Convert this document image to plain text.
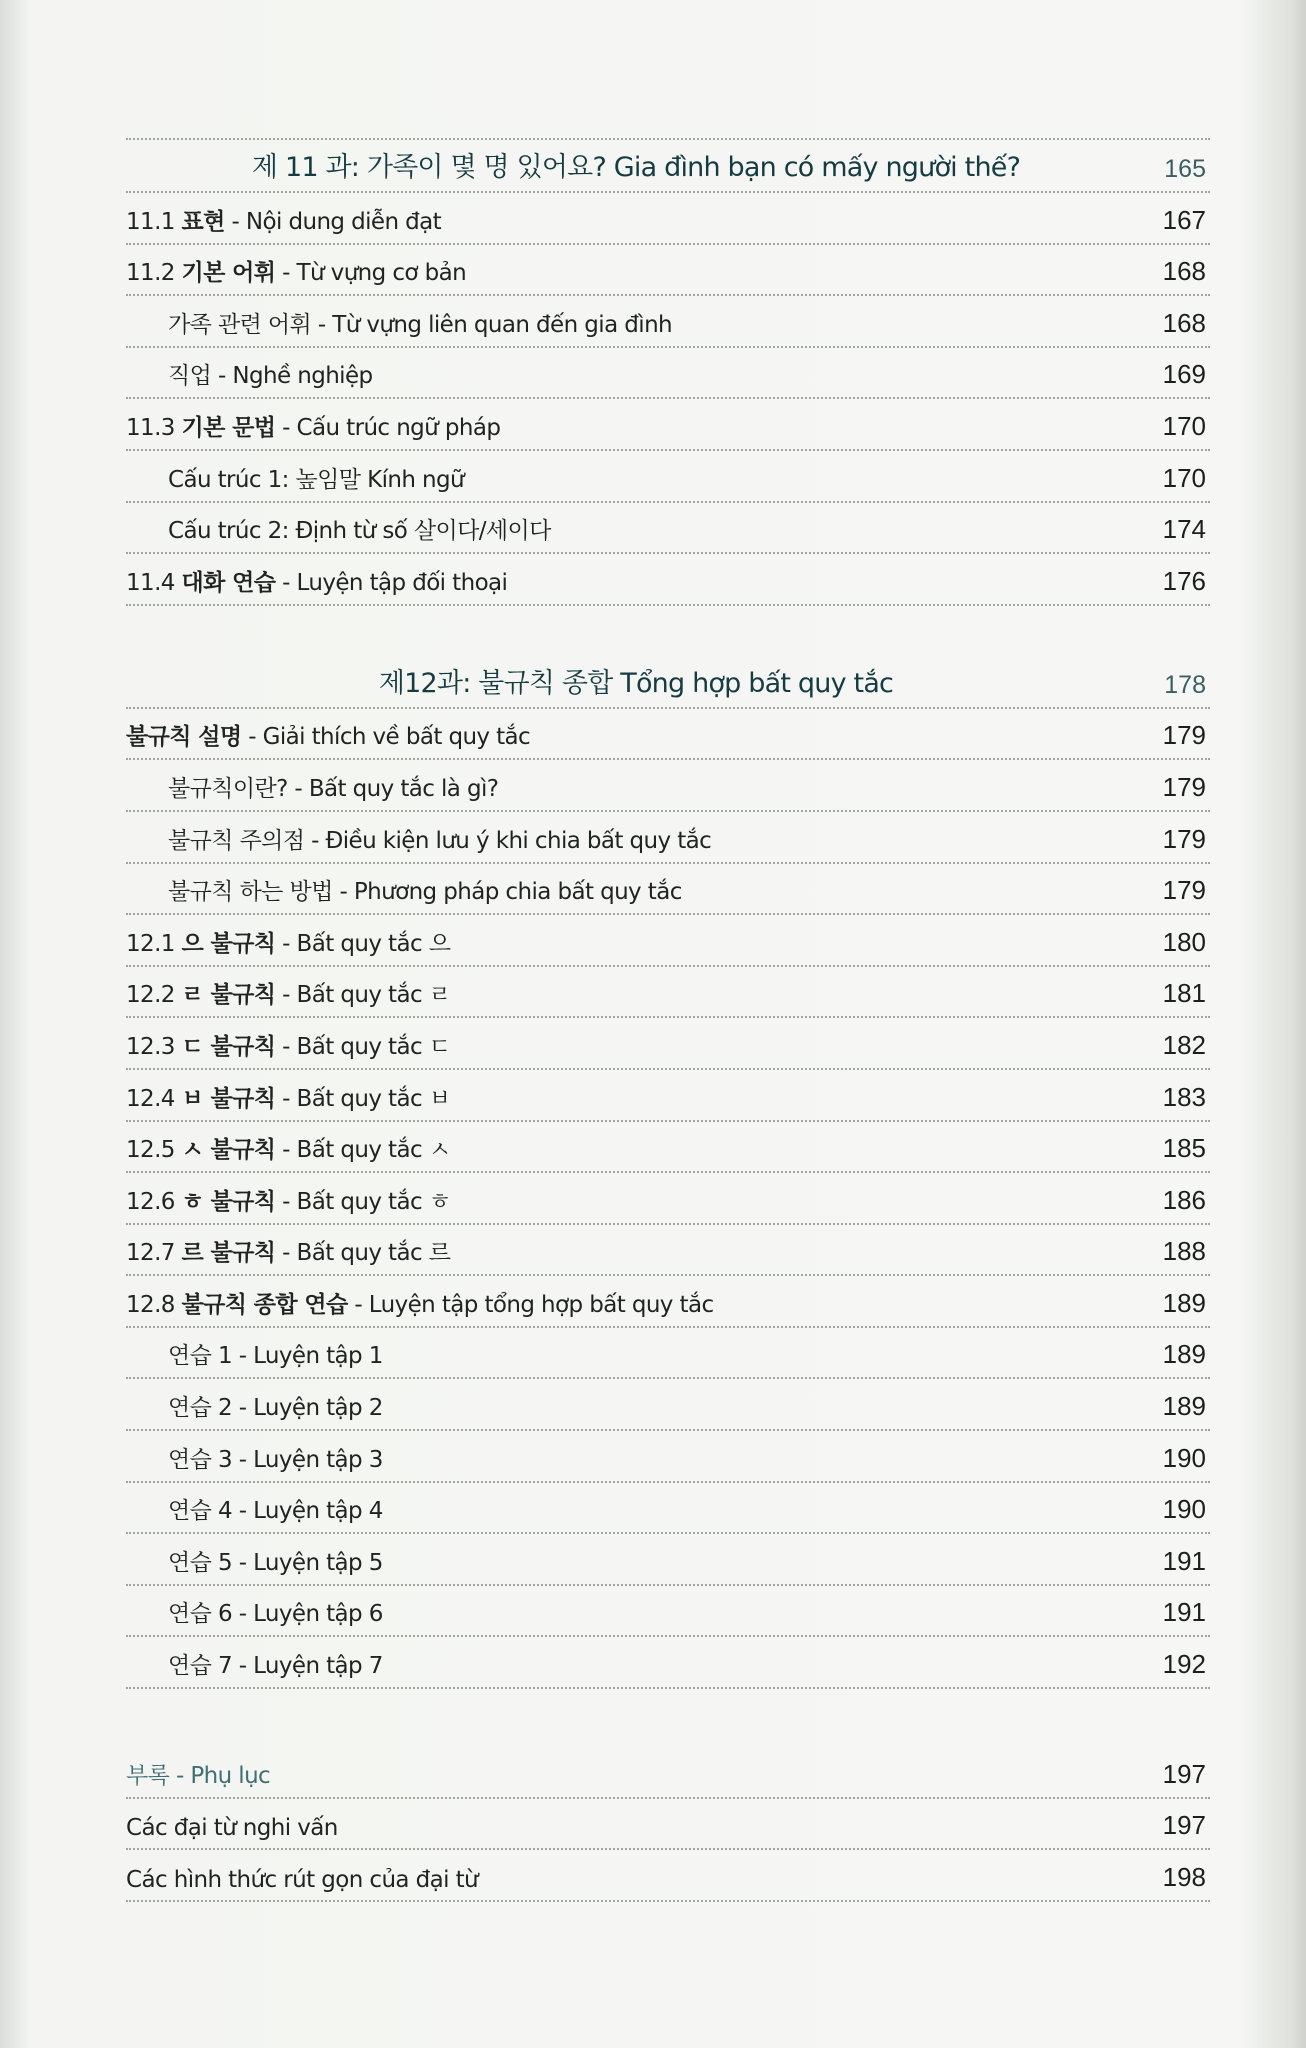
제 11 과: 가족이 몇 명 있어요? Gia đình bạn có mấy người thế?	165
11.1 표현 - Nội dung diễn đạt	167
11.2 기본 어휘 - Từ vựng cơ bản	168
가족 관련 어휘 - Từ vựng liên quan đến gia đình	168
직업 - Nghề nghiệp	169
11.3 기본 문법 - Cấu trúc ngữ pháp	170
Cấu trúc 1: 높임말 Kính ngữ	170
Cấu trúc 2: Định từ số 살이다/세이다	174
11.4 대화 연습 - Luyện tập đối thoại	176
제12과: 불규칙 종합 Tổng hợp bất quy tắc	178
불규칙 설명 - Giải thích về bất quy tắc	179
불규칙이란? - Bất quy tắc là gì?	179
불규칙 주의점 - Điều kiện lưu ý khi chia bất quy tắc	179
불규칙 하는 방법 - Phương pháp chia bất quy tắc	179
12.1 으 불규칙 - Bất quy tắc 으	180
12.2 ㄹ 불규칙 - Bất quy tắc ㄹ	181
12.3 ㄷ 불규칙 - Bất quy tắc ㄷ	182
12.4 ㅂ 불규칙 - Bất quy tắc ㅂ	183
12.5 ㅅ 불규칙 - Bất quy tắc ㅅ	185
12.6 ㅎ 불규칙 - Bất quy tắc ㅎ	186
12.7 르 불규칙 - Bất quy tắc 르	188
12.8 불규칙 종합 연습 - Luyện tập tổng hợp bất quy tắc	189
연습 1 - Luyện tập 1	189
연습 2 - Luyện tập 2	189
연습 3 - Luyện tập 3	190
연습 4 - Luyện tập 4	190
연습 5 - Luyện tập 5	191
연습 6 - Luyện tập 6	191
연습 7 - Luyện tập 7	192
부록 - Phụ lục	197
Các đại từ nghi vấn	197
Các hình thức rút gọn của đại từ	198
